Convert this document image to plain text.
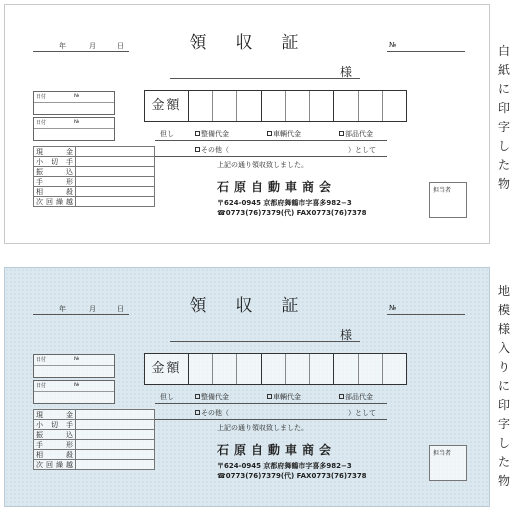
年	月	日	領 収 証	№
様
日付	№
日付	№
現金	
小切手	
振込	
手形	
相殺	
次回繰越	
金額
但し	整備代金	車輌代金	部品代金
その他（	）として
上記の通り領収致しました。
石原自動車商会
〒624-0945 京都府舞鶴市字喜多982−3
☎0773(76)7379(代) FAX0773(76)7378
担当者
白紙に印字した物
年	月	日	領 収 証	№
様
日付	№
日付	№
現金	
小切手	
振込	
手形	
相殺	
次回繰越	
金額
但し	整備代金	車輌代金	部品代金
その他（	）として
上記の通り領収致しました。
石原自動車商会
〒624-0945 京都府舞鶴市字喜多982−3
☎0773(76)7379(代) FAX0773(76)7378
担当者
地模様入りに印字した物
